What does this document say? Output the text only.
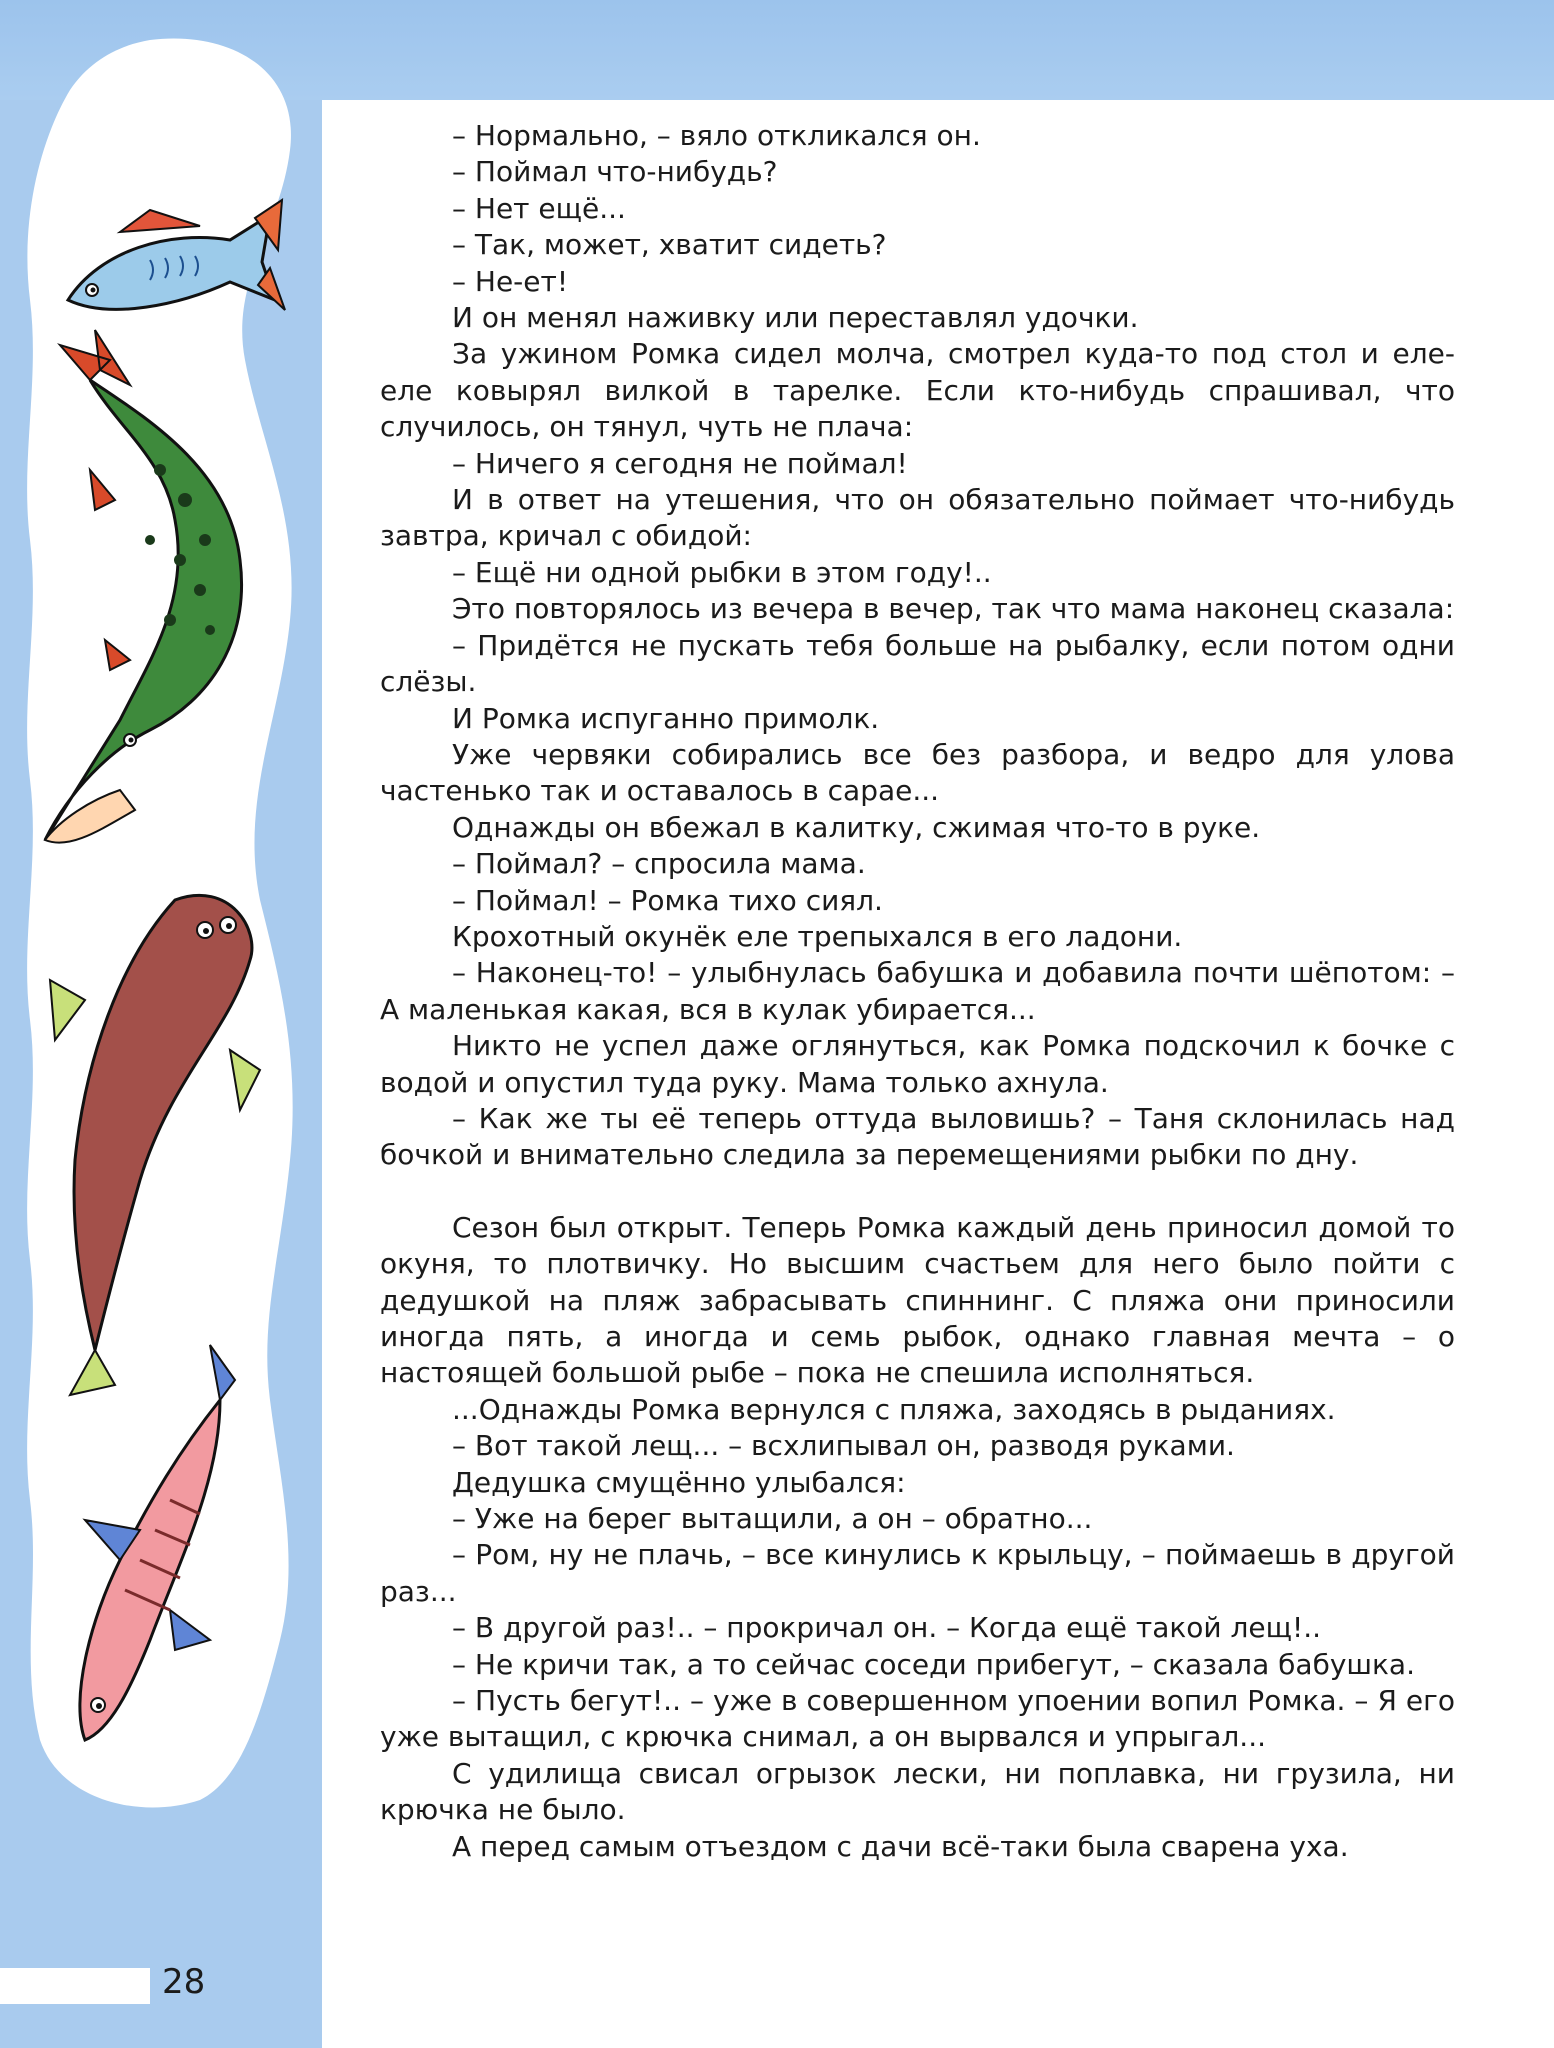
– Нормально, – вяло откликался он.

– Поймал что-нибудь?

– Нет ещё...

– Так, может, хватит сидеть?

– Не-ет!

И он менял наживку или переставлял удочки.

За ужином Ромка сидел молча, смотрел куда-то под стол и еле-еле ковырял вилкой в тарелке. Если кто-нибудь спрашивал, что случилось, он тянул, чуть не плача:

– Ничего я сегодня не поймал!

И в ответ на утешения, что он обязательно поймает что-нибудь завтра, кричал с обидой:

– Ещё ни одной рыбки в этом году!..

Это повторялось из вечера в вечер, так что мама наконец сказала:

– Придётся не пускать тебя больше на рыбалку, если потом одни слёзы.

И Ромка испуганно примолк.

Уже червяки собирались все без разбора, и ведро для улова частенько так и оставалось в сарае...

Однажды он вбежал в калитку, сжимая что-то в руке.

– Поймал? – спросила мама.

– Поймал! – Ромка тихо сиял.

Крохотный окунёк еле трепыхался в его ладони.

– Наконец-то! – улыбнулась бабушка и добавила почти шёпотом: – А маленькая какая, вся в кулак убирается...

Никто не успел даже оглянуться, как Ромка подскочил к бочке с водой и опустил туда руку. Мама только ахнула.

– Как же ты её теперь оттуда выловишь? – Таня склонилась над бочкой и внимательно следила за перемещениями рыбки по дну.

Сезон был открыт. Теперь Ромка каждый день приносил домой то окуня, то плотвичку. Но высшим счастьем для него было пойти с дедушкой на пляж забрасывать спиннинг. С пляжа они приносили иногда пять, а иногда и семь рыбок, однако главная мечта – о настоящей большой рыбе – пока не спешила исполняться.

...Однажды Ромка вернулся с пляжа, заходясь в рыданиях.

– Вот такой лещ... – всхлипывал он, разводя руками.

Дедушка смущённо улыбался:

– Уже на берег вытащили, а он – обратно...

– Ром, ну не плачь, – все кинулись к крыльцу, – поймаешь в другой раз...

– В другой раз!.. – прокричал он. – Когда ещё такой лещ!..

– Не кричи так, а то сейчас соседи прибегут, – сказала бабушка.

– Пусть бегут!.. – уже в совершенном упоении вопил Ромка. – Я его уже вытащил, с крючка снимал, а он вырвался и упрыгал...

С удилища свисал огрызок лески, ни поплавка, ни грузила, ни крючка не было.

А перед самым отъездом с дачи всё-таки была сварена уха.

28
